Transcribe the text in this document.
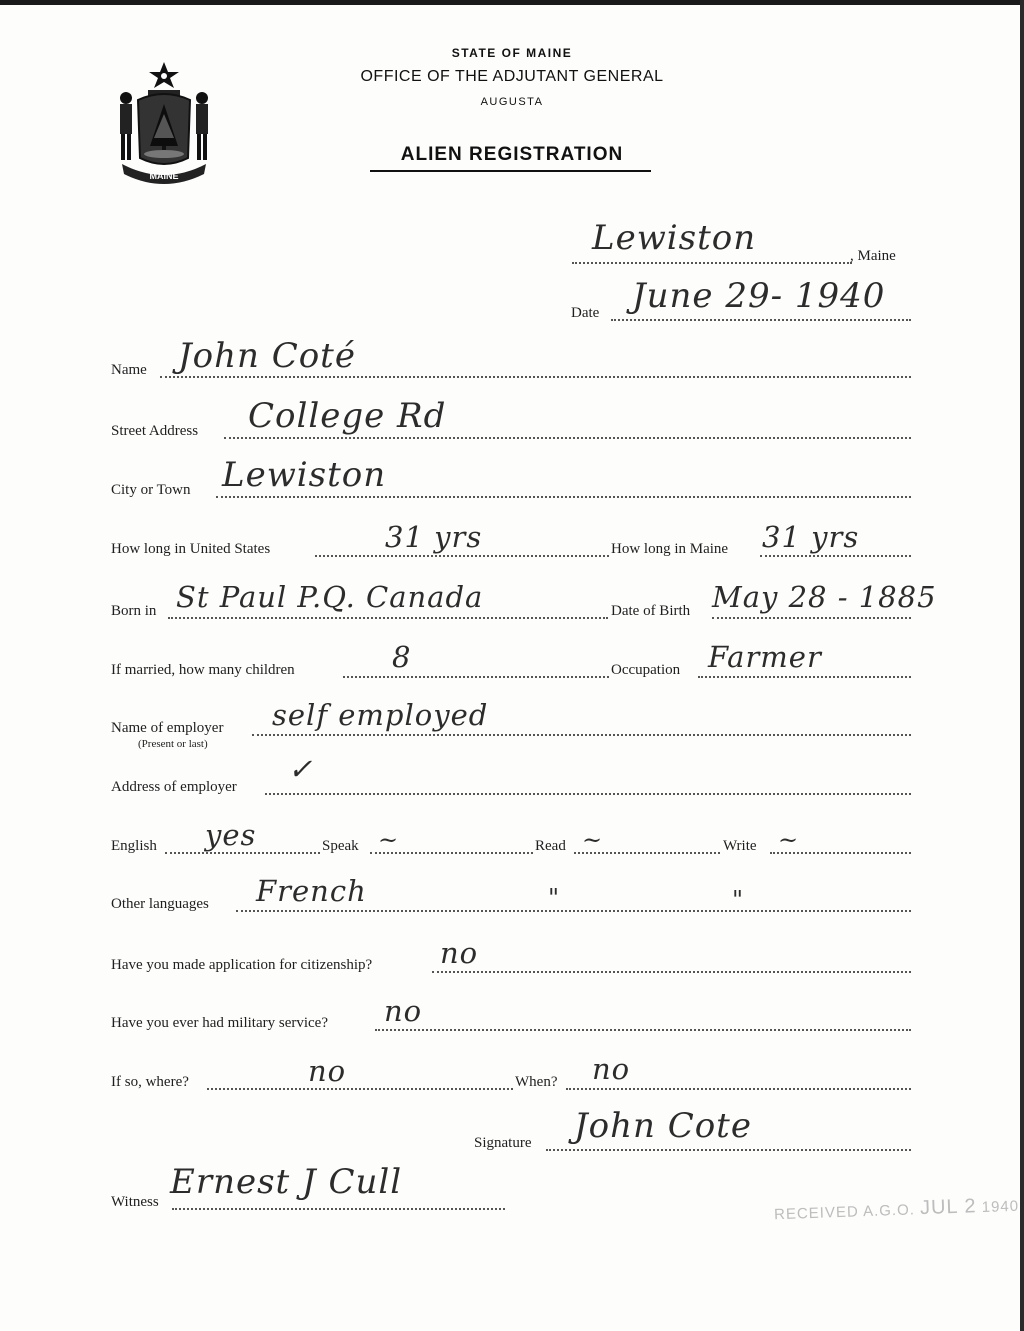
MAINE
STATE OF MAINE
OFFICE OF THE ADJUTANT GENERAL
AUGUSTA
ALIEN REGISTRATION
Lewiston	, Maine
Date June 29- 1940
Name John Coté
Street Address College Rd
City or Town Lewiston
How long in United States	31 yrs	How long in Maine 31 yrs
Born in St Paul P.Q. Canada	Date of Birth May 28 - 1885
If married, how many children	8	Occupation Farmer
Name of employer
(Present or last)
self employed
Address of employer
✓
English yes	Speak ~	Read ~	Write ~
Other languages French	"	"
Have you made application for citizenship? no
Have you ever had military service? no
If so, where?	no	When? no
Signature John Cote
Witness Ernest J Cull
RECEIVED A.G.O. JUL 2 1940
